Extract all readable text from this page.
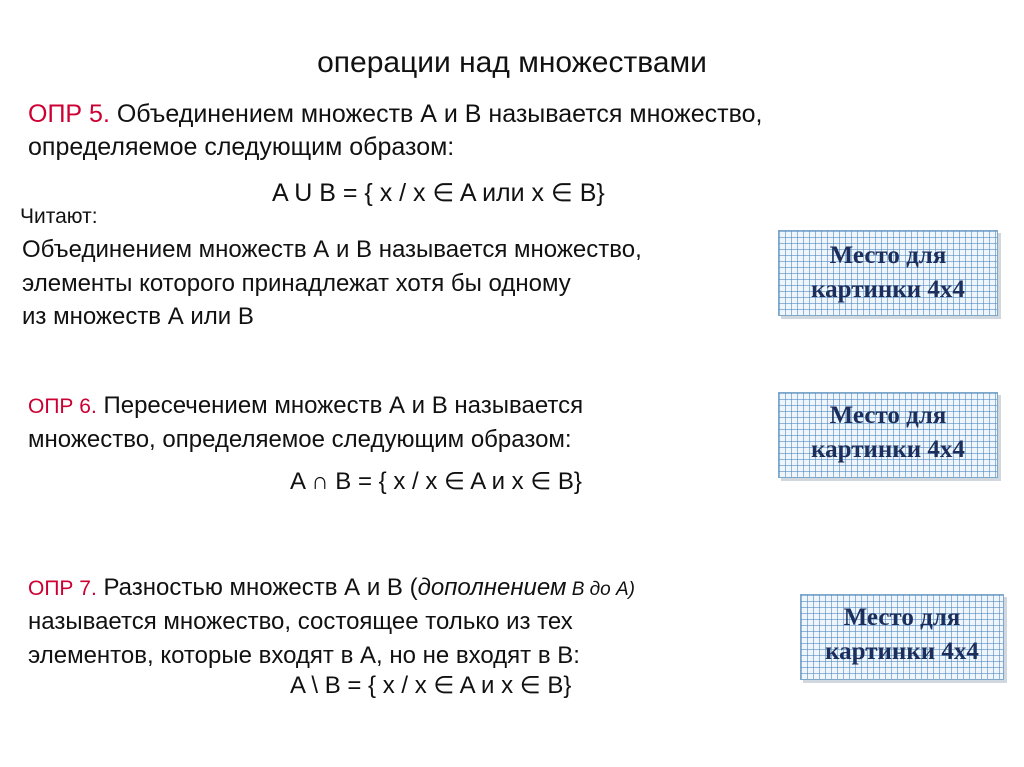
операции над множествами
ОПР 5. Объединением множеств А и В называется множество,
определяемое следующим образом:
A U B = { x / x ∈ A или x ∈ B}
Читают:
Объединением множеств А и В называется множество,
элементы которого принадлежат хотя бы одному
из множеств А или В
ОПР 6. Пересечением множеств А и В называется
множество, определяемое следующим образом:
A ∩ B = { x / x ∈ A и x ∈ B}
ОПР 7. Разностью множеств А и В (дополнением В до А)
называется множество, состоящее только из тех
элементов, которые входят в А, но не входят в В:
A \ B = { x / x ∈ A и x ∈ B}
Место для
картинки 4х4
Место для
картинки 4х4
Место для
картинки 4х4
